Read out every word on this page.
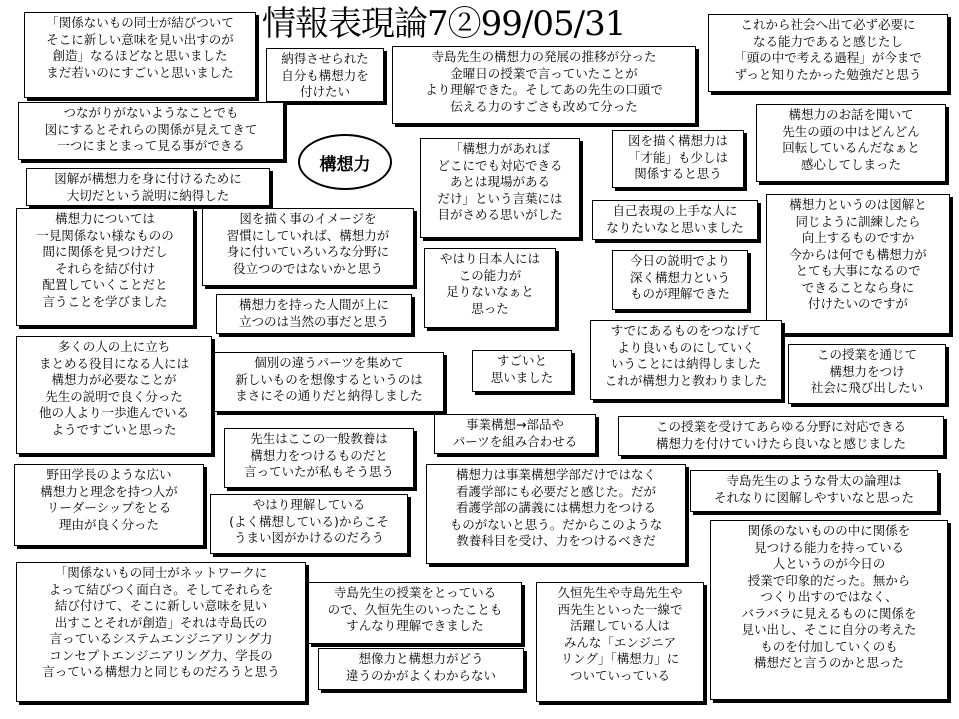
情報表現論7②99/05/31
構想力
「関係ないもの同士が結びついて
そこに新しい意味を見い出すのが
創造」なるほどなと思いました
まだ若いのにすごいと思いました
納得させられた
自分も構想力を
付けたい
寺島先生の構想力の発展の推移が分った
金曜日の授業で言っていたことが
より理解できた。そしてあの先生の口頭で
伝える力のすごさも改めて分った
これから社会へ出て必ず必要に
なる能力であると感じたし
「頭の中で考える過程」が今まで
ずっと知りたかった勉強だと思う
つながりがないようなことでも
図にするとそれらの関係が見えてきて
一つにまとまって見る事ができる	「構想力があれば
どこにでも対応できる
あとは現場がある
だけ」という言葉には
目がさめる思いがした
図を描く構想力は
「才能」も少しは
関係すると思う
構想力のお話を聞いて
先生の頭の中はどんどん
回転しているんだなぁと
感心してしまった
図解が構想力を身に付けるために
大切だという説明に納得した
構想力については
一見関係ない様なものの
間に関係を見つけだし
それらを結び付け
配置していくことだと
言うことを学びました
図を描く事のイメージを
習慣にしていれば、構想力が
身に付いていろいろな分野に
役立つのではないかと思う
自己表現の上手な人に
なりたいなと思いました
構想力というのは図解と
同じように訓練したら
向上するものですか
今からは何でも構想力が
とても大事になるので
できることなら身に
付けたいのですが
やはり日本人には
この能力が
足りないなぁと
思った
今日の説明でより
深く構想力という
ものが理解できた
構想力を持った人間が上に
立つのは当然の事だと思う
すでにあるものをつなげて
より良いものにしていく
いうことには納得しました
これが構想力と教わりました
多くの人の上に立ち
まとめる役目になる人には
構想力が必要なことが
先生の説明で良く分った
他の人より一歩進んでいる
ようですごいと思った
個別の違うパーツを集めて
新しいものを想像するというのは
まさにその通りだと納得しました
すごいと
思いました
この授業を通じて
構想力をつけ
社会に飛び出したい
事業構想→部品や
パーツを組み合わせる
この授業を受けてあらゆる分野に対応できる
構想力を付けていけたら良いなと感じました
先生はここの一般教養は
構想力をつけるものだと
言っていたが私もそう思う
野田学長のような広い
構想力と理念を持つ人が
リーダーシップをとる
理由が良く分った
構想力は事業構想学部だけではなく
看護学部にも必要だと感じた。だが
看護学部の講義には構想力をつける
ものがないと思う。だからこのような
教養科目を受け、力をつけるべきだ
寺島先生のような骨太の論理は
それなりに図解しやすいなと思った
やはり理解している
(よく構想している)からこそ
うまい図がかけるのだろう	関係のないものの中に関係を
見つける能力を持っている
人というのが今日の
授業で印象的だった。無から
つくり出すのではなく、
バラバラに見えるものに関係を
見い出し、そこに自分の考えた
ものを付加していくのも
構想だと言うのかと思った
「関係ないもの同士がネットワークに
よって結びつく面白さ。そしてそれらを
結び付けて、そこに新しい意味を見い
出すことそれが創造」それは寺島氏の
言っているシステムエンジニアリング力
コンセプトエンジニアリング力、学長の
言っている構想力と同じものだろうと思う
寺島先生の授業をとっている
ので、久恒先生のいったことも
すんなり理解できました
久恒先生や寺島先生や
西先生といった一線で
活躍している人は
みんな「エンジニア
リング」「構想力」に
ついていっている
想像力と構想力がどう
違うのかがよくわからない
